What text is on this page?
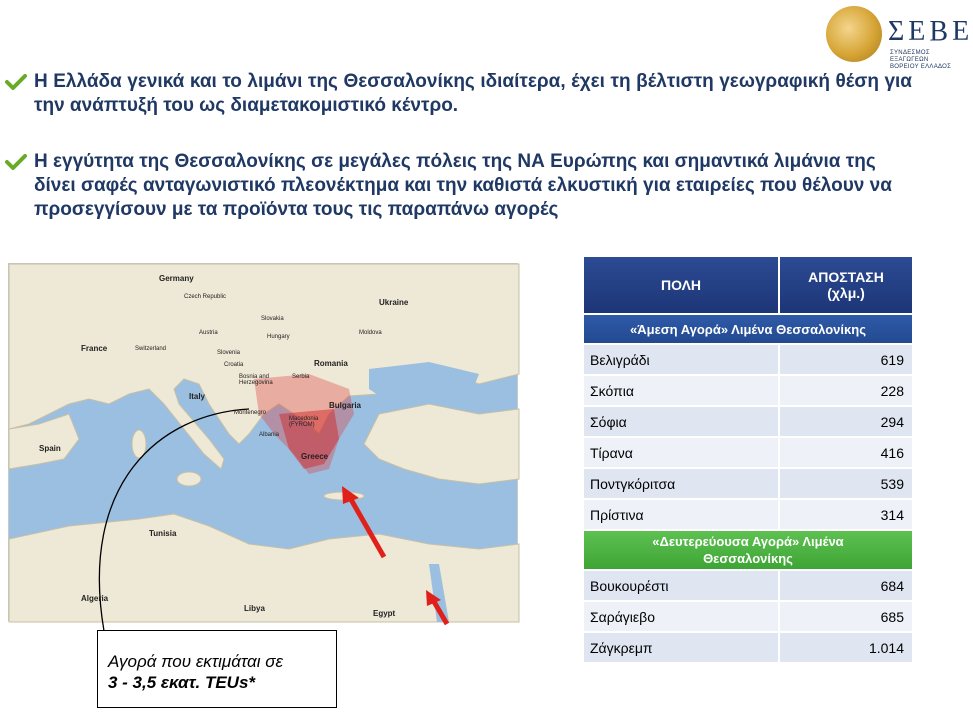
ΣΕΒΕ
ΣΥΝΔΕΣΜΟΣ ΕΞΑΓΩΓΕΩΝ ΒΟΡΕΙΟΥ ΕΛΛΑΔΟΣ
Η Ελλάδα γενικά και το λιμάνι της Θεσσαλονίκης ιδιαίτερα, έχει τη βέλτιστη γεωγραφική θέση για την ανάπτυξή του ως διαμετακομιστικό κέντρο.
Η εγγύτητα της Θεσσαλονίκης σε μεγάλες πόλεις της ΝΑ Ευρώπης και σημαντικά λιμάνια της δίνει σαφές ανταγωνιστικό πλεονέκτημα και την καθιστά ελκυστική για εταιρείες που θέλουν να προσεγγίσουν με τα προϊόντα τους τις παραπάνω αγορές
Germany
Czech Republic
Slovakia
Ukraine
Moldova
Austria
Hungary
France	Switzerland
Slovenia
Croatia	Romania
Bosnia and Herzegovina
Serbia
Italy
Montenegro
Bulgaria
Macedonia (FYROM)
Albania
Greece
Spain
Tunisia
Algeria
Libya
Egypt
Αγορά που εκτιμάται σε
3 - 3,5 εκατ. TEUs*
ΠΟΛΗ	ΑΠΟΣΤΑΣΗ
(χλμ.)

«Άμεση Αγορά» Λιμένα Θεσσαλονίκης	
Βελιγράδι	619
Σκόπια	228
Σόφια	294
Τίρανα	416
Ποντγκόριτσα	539
Πρίστινα	314

«Δευτερεύουσα Αγορά» Λιμένα
Θεσσαλονίκης	

Βουκουρέστι	684
Σαράγιεβο	685
Ζάγκρεμπ	1.014
